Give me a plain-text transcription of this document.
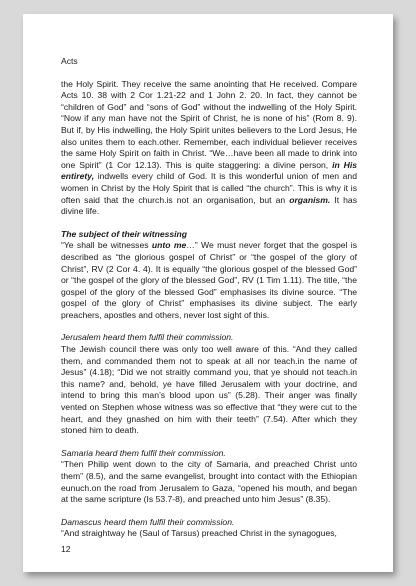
Acts

the Holy Spirit. They receive the same anointing that He received. Compare Acts 10. 38 with 2 Cor 1.21-22 and 1 John 2. 20. In fact, they cannot be “children of God” and “sons of God” without the indwelling of the Holy Spirit. “Now if any man have not the Spirit of Christ, he is none of his” (Rom 8. 9). But if, by His indwelling, the Holy Spirit unites believers to the Lord Jesus, He also unites them to each.other. Remember, each individual believer receives the same Holy Spirit on faith in Christ. “We…have been all made to drink into one Spirit” (1 Cor 12.13). This is quite staggering: a divine person, in His entirety, indwells every child of God. It is this wonderful union of men and women in Christ by the Holy Spirit that is called “the church”. This is why it is often said that the church.is not an organisation, but an organism. It has divine life.

The subject of their witnessing

“Ye shall be witnesses unto me…” We must never forget that the gospel is described as “the glorious gospel of Christ” or “the gospel of the glory of Christ”, RV (2 Cor 4. 4). It is equally “the glorious gospel of the blessed God” or “the gospel of the glory of the blessed God”, RV (1 Tim 1.11). The title, “the gospel of the glory of the blessed God” emphasises its divine source. “The gospel of the glory of Christ” emphasises its divine subject. The early preachers, apostles and others, never lost sight of this.

Jerusalem heard them fulfil their commission.

The Jewish council there was only too well aware of this. “And they called them, and commanded them not to speak at all nor teach.in the name of Jesus” (4.18); “Did we not straitly command you, that ye should not teach.in this name? and, behold, ye have filled Jerusalem with your doctrine, and intend to bring this man’s blood upon us” (5.28). Their anger was finally vented on Stephen whose witness was so effective that “they were cut to the heart, and they gnashed on him with their teeth” (7.54). After which they stoned him to death.

Samaria heard them fulfil their commission.

“Then Philip went down to the city of Samaria, and preached Christ unto them” (8.5), and the same evangelist, brought into contact with the Ethiopian eunuch.on the road from Jerusalem to Gaza, “opened his mouth, and began at the same scripture (Is 53.7-8), and preached unto him Jesus” (8.35).

Damascus heard them fulfil their commission.

“And straightway he (Saul of Tarsus) preached Christ in the synagogues,

12
